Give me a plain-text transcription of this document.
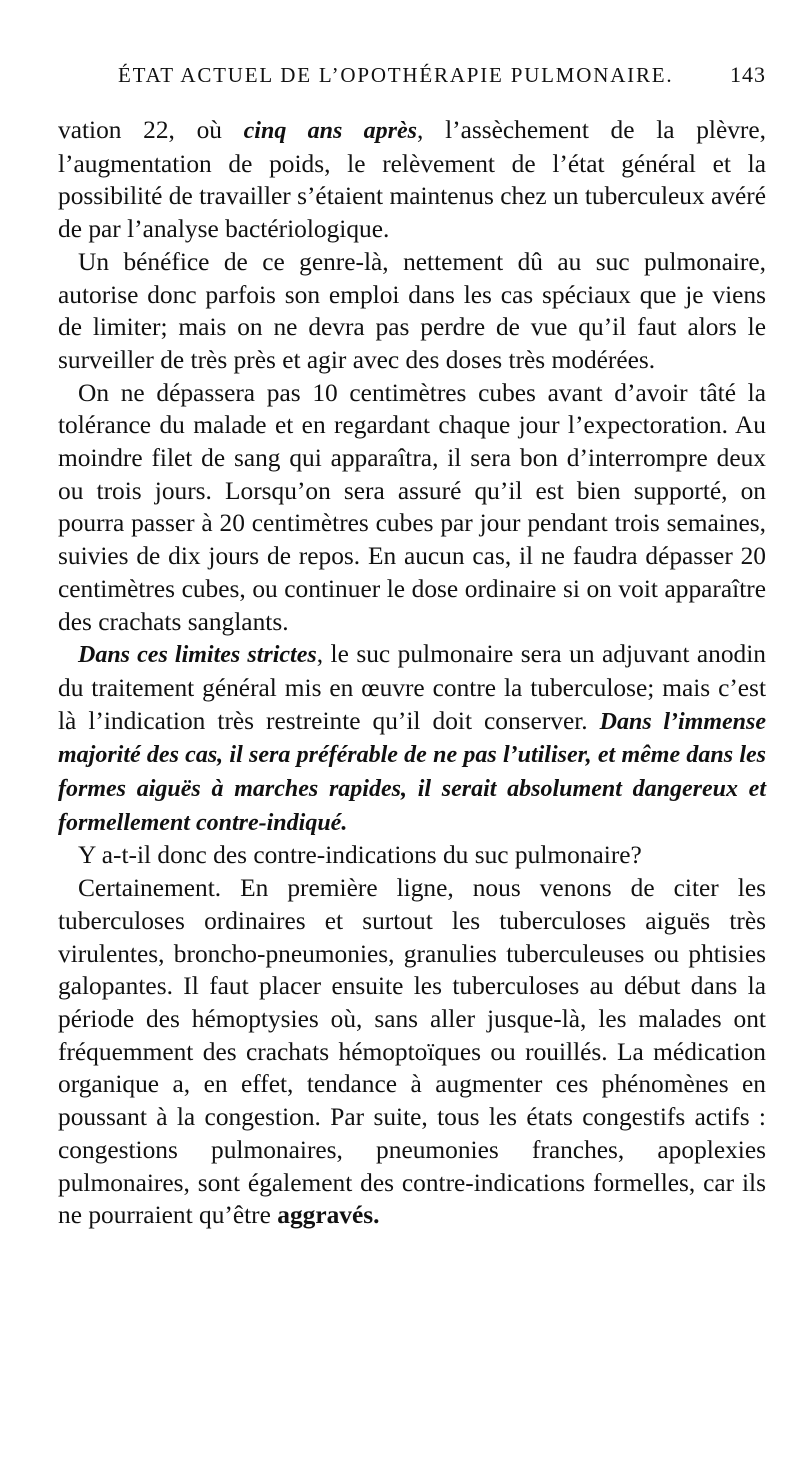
ÉTAT ACTUEL DE L’OPOTHÉRAPIE PULMONAIRE.	143

vation 22, où cinq ans après, l’assèchement de la plèvre, l’augmentation de poids, le relèvement de l’état général et la possibilité de travailler s’étaient maintenus chez un tuberculeux avéré de par l’analyse bactériologique.

Un bénéfice de ce genre-là, nettement dû au suc pulmonaire, autorise donc parfois son emploi dans les cas spéciaux que je viens de limiter; mais on ne devra pas perdre de vue qu’il faut alors le surveiller de très près et agir avec des doses très modérées.

On ne dépassera pas 10 centimètres cubes avant d’avoir tâté la tolérance du malade et en regardant chaque jour l’expectoration. Au moindre filet de sang qui apparaîtra, il sera bon d’interrompre deux ou trois jours. Lorsqu’on sera assuré qu’il est bien supporté, on pourra passer à 20 centimètres cubes par jour pendant trois semaines, suivies de dix jours de repos. En aucun cas, il ne faudra dépasser 20 centimètres cubes, ou continuer le dose ordinaire si on voit apparaître des crachats sanglants.

Dans ces limites strictes, le suc pulmonaire sera un adjuvant anodin du traitement général mis en œuvre contre la tuberculose; mais c’est là l’indication très restreinte qu’il doit conserver. Dans l’immense majorité des cas, il sera préférable de ne pas l’utiliser, et même dans les formes aiguës à marches rapides, il serait absolument dangereux et formellement contre-indiqué.

Y a-t-il donc des contre-indications du suc pulmonaire?

Certainement. En première ligne, nous venons de citer les tuberculoses ordinaires et surtout les tuberculoses aiguës très virulentes, broncho-pneumonies, granulies tuberculeuses ou phtisies galopantes. Il faut placer ensuite les tuberculoses au début dans la période des hémoptysies où, sans aller jusque-là, les malades ont fréquemment des crachats hémoptoïques ou rouillés. La médication organique a, en effet, tendance à augmenter ces phénomènes en poussant à la congestion. Par suite, tous les états congestifs actifs : congestions pulmonaires, pneumonies franches, apoplexies pulmonaires, sont également des contre-indications formelles, car ils ne pourraient qu’être aggravés.
